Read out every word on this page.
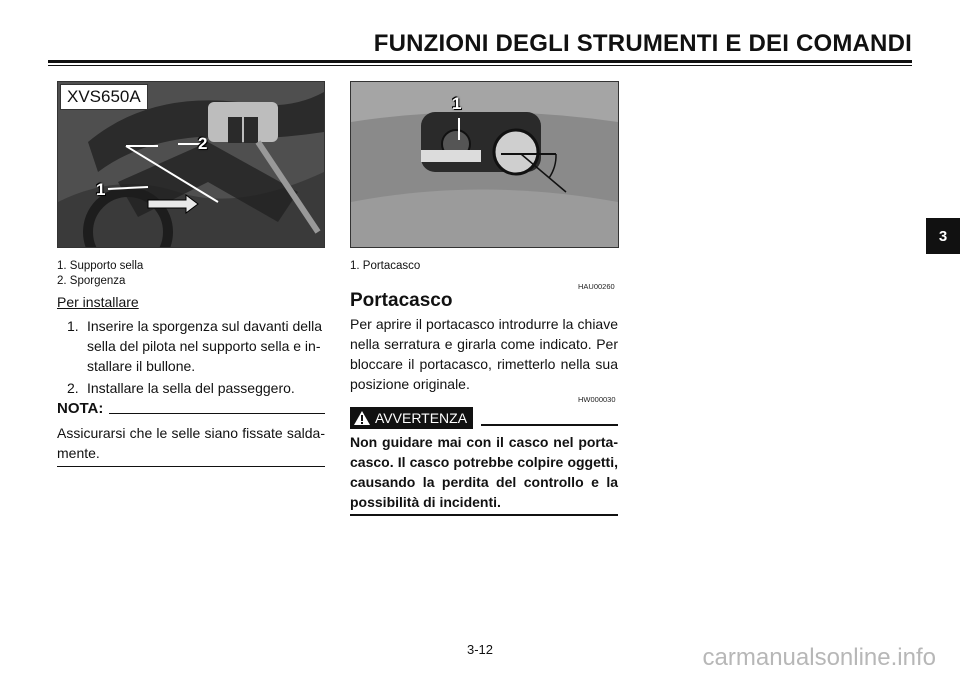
FUNZIONI DEGLI STRUMENTI E DEI COMANDI
3
XVS650A
2
1
1
1. Supporto sella
2. Sporgenza
Per installare
1. Inserire la sporgenza sul davanti della sella del pilota nel supporto sella e in-stallare il bullone.
2. Installare la sella del passeggero.
NOTA:
Assicurarsi che le selle siano fissate salda-mente.
1. Portacasco
HAU00260
Portacasco
Per aprire il portacasco introdurre la chiave nella serratura e girarla come indicato. Per bloccare il portacasco, rimetterlo nella sua posizione originale.
HW000030
AVVERTENZA
Non guidare mai con il casco nel porta-casco. Il casco potrebbe colpire oggetti, causando la perdita del controllo e la possibilità di incidenti.
3-12	carmanualsonline.info
